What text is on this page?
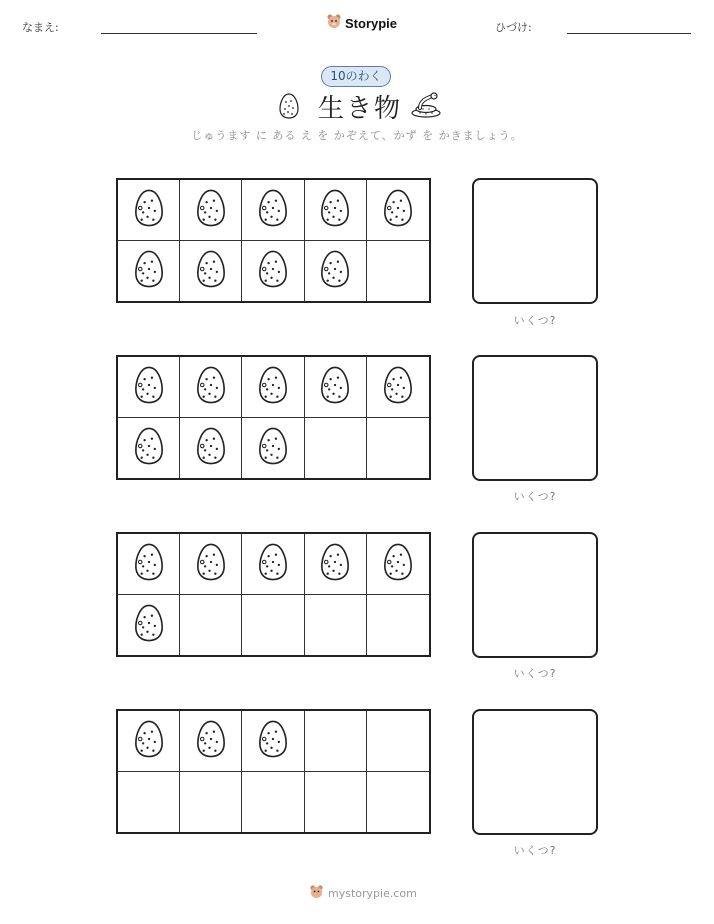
なまえ:	Storypie	ひづけ:
10のわく
生き物
じゅうます に ある え を かぞえて、かず を かきましょう。
いくつ?
いくつ?
いくつ?
いくつ?
mystorypie.com
